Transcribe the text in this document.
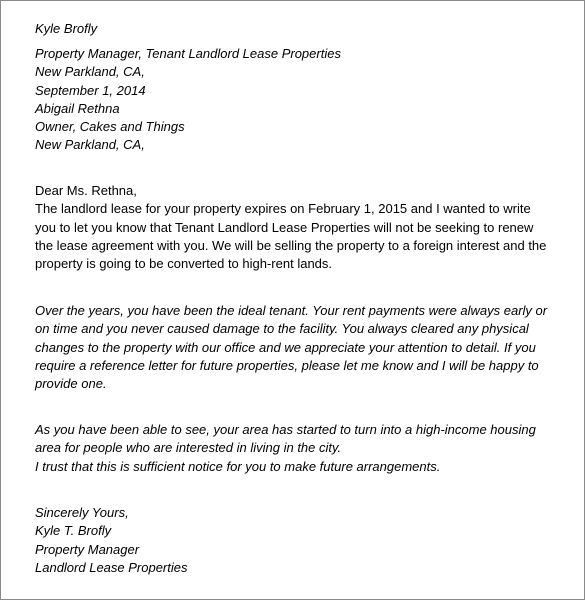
Kyle Brofly

Property Manager, Tenant Landlord Lease Properties

New Parkland, CA,

September 1, 2014

Abigail Rethna

Owner, Cakes and Things

New Parkland, CA,

Dear Ms. Rethna,

The landlord lease for your property expires on February 1, 2015 and I wanted to write

you to let you know that Tenant Landlord Lease Properties will not be seeking to renew

the lease agreement with you. We will be selling the property to a foreign interest and the

property is going to be converted to high-rent lands.

Over the years, you have been the ideal tenant. Your rent payments were always early or

on time and you never caused damage to the facility. You always cleared any physical

changes to the property with our office and we appreciate your attention to detail. If you

require a reference letter for future properties, please let me know and I will be happy to

provide one.

As you have been able to see, your area has started to turn into a high-income housing

area for people who are interested in living in the city.

I trust that this is sufficient notice for you to make future arrangements.

Sincerely Yours,

Kyle T. Brofly

Property Manager

Landlord Lease Properties
